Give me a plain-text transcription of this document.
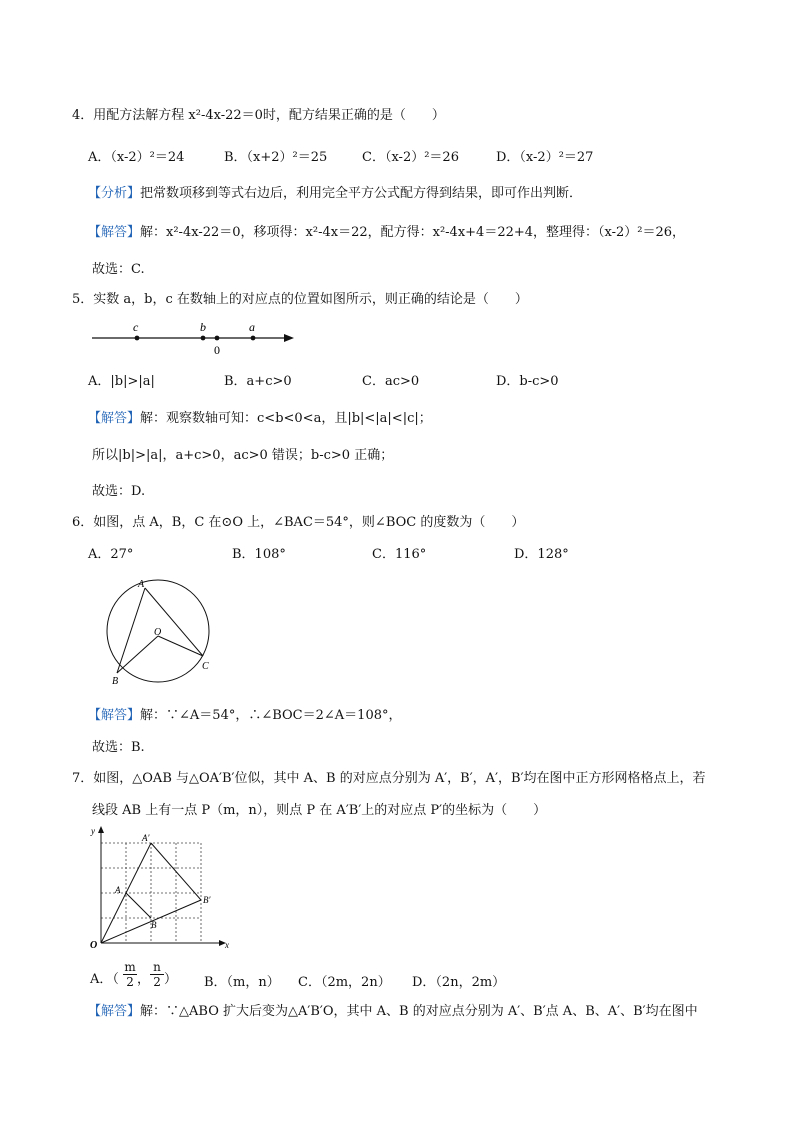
4．用配方法解方程 x²-4x-22＝0时，配方结果正确的是（　　）
A．（x-2）²＝24	B．（x+2）²＝25	C．（x-2）²＝26	D．（x-2）²＝27
【分析】把常数项移到等式右边后，利用完全平方公式配方得到结果，即可作出判断．
【解答】解：x²-4x-22＝0，移项得：x²-4x＝22，配方得：x²-4x+4＝22+4，整理得：（x-2）²＝26，
故选：C.
5．实数 a，b，c 在数轴上的对应点的位置如图所示，则正确的结论是（　　）
c	b	a
0
A．|b|>|a|	B．a+c>0	C．ac>0	D．b-c>0
【解答】解：观察数轴可知：c<b<0<a，且|b|<|a|<|c|；
所以|b|>|a|，a+c>0，ac>0 错误；b-c>0 正确；
故选：D.
6．如图，点 A，B，C 在⊙O 上，∠BAC＝54°，则∠BOC 的度数为（　　）
A．27°	B．108°	C．116°	D．128°
A
O
B
C
【解答】解：∵∠A＝54°，∴∠BOC＝2∠A＝108°，
故选：B.
7．如图，△OAB 与△OA′B′位似，其中 A、B 的对应点分别为 A′，B′，A′，B′均在图中正方形网格格点上，若
线段 AB 上有一点 P（m，n），则点 P 在 A′B′上的对应点 P′的坐标为（　　）
y
x
O
A
B
A′
B′
A．（ $\frac{m}{2}$ ， $\frac{n}{2}$ ） B．（m，n） C．（2m，2n） D．（2n，2m）
【解答】解：∵△ABO 扩大后变为△A′B′O，其中 A、B 的对应点分别为 A′、B′点 A、B、A′、B′均在图中
